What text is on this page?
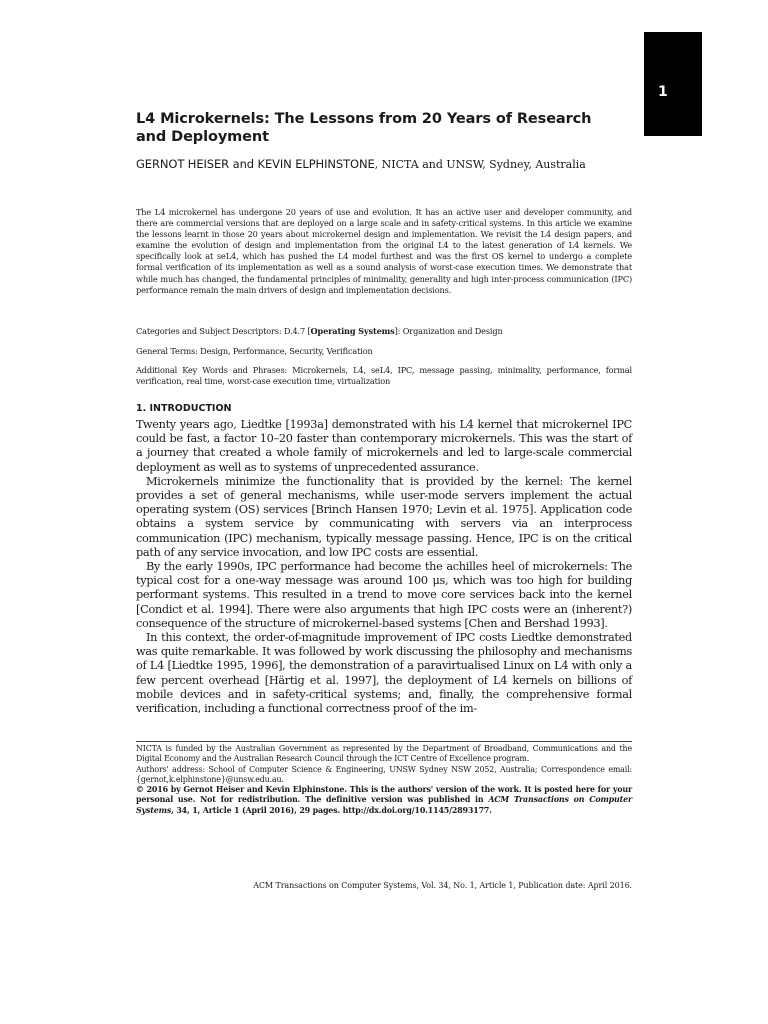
1
L4 Microkernels: The Lessons from 20 Years of Research and Deployment
GERNOT HEISER and KEVIN ELPHINSTONE, NICTA and UNSW, Sydney, Australia

The L4 microkernel has undergone 20 years of use and evolution. It has an active user and developer community, and there are commercial versions that are deployed on a large scale and in safety-critical systems. In this article we examine the lessons learnt in those 20 years about microkernel design and implementation. We revisit the L4 design papers, and examine the evolution of design and implementation from the original L4 to the latest generation of L4 kernels. We specifically look at seL4, which has pushed the L4 model furthest and was the first OS kernel to undergo a complete formal verification of its implementation as well as a sound analysis of worst-case execution times. We demonstrate that while much has changed, the fundamental principles of minimality, generality and high inter-process communication (IPC) performance remain the main drivers of design and implementation decisions.

Categories and Subject Descriptors: D.4.7 [Operating Systems]: Organization and Design

General Terms: Design, Performance, Security, Verification

Additional Key Words and Phrases: Microkernels, L4, seL4, IPC, message passing, minimality, performance, formal verification, real time, worst-case execution time, virtualization

1. INTRODUCTION

Twenty years ago, Liedtke [1993a] demonstrated with his L4 kernel that microkernel IPC could be fast, a factor 10–20 faster than contemporary microkernels. This was the start of a journey that created a whole family of microkernels and led to large-scale commercial deployment as well as to systems of unprecedented assurance.

Microkernels minimize the functionality that is provided by the kernel: The kernel provides a set of general mechanisms, while user-mode servers implement the actual operating system (OS) services [Brinch Hansen 1970; Levin et al. 1975]. Application code obtains a system service by communicating with servers via an interprocess communication (IPC) mechanism, typically message passing. Hence, IPC is on the critical path of any service invocation, and low IPC costs are essential.

By the early 1990s, IPC performance had become the achilles heel of microkernels: The typical cost for a one-way message was around 100 μs, which was too high for building performant systems. This resulted in a trend to move core services back into the kernel [Condict et al. 1994]. There were also arguments that high IPC costs were an (inherent?) consequence of the structure of microkernel-based systems [Chen and Bershad 1993].

In this context, the order-of-magnitude improvement of IPC costs Liedtke demonstrated was quite remarkable. It was followed by work discussing the philosophy and mechanisms of L4 [Liedtke 1995, 1996], the demonstration of a paravirtualised Linux on L4 with only a few percent overhead [Härtig et al. 1997], the deployment of L4 kernels on billions of mobile devices and in safety-critical systems; and, finally, the comprehensive formal verification, including a functional correctness proof of the im-

NICTA is funded by the Australian Government as represented by the Department of Broadband, Communications and the Digital Economy and the Australian Research Council through the ICT Centre of Excellence program.

Authors' address: School of Computer Science & Engineering, UNSW Sydney NSW 2052, Australia; Correspondence email: {gernot,k.elphinstone}@unsw.edu.au.

© 2016 by Gernot Heiser and Kevin Elphinstone. This is the authors' version of the work. It is posted here for your personal use. Not for redistribution. The definitive version was published in ACM Transactions on Computer Systems, 34, 1, Article 1 (April 2016), 29 pages. http://dx.doi.org/10.1145/2893177.

ACM Transactions on Computer Systems, Vol. 34, No. 1, Article 1, Publication date: April 2016.
